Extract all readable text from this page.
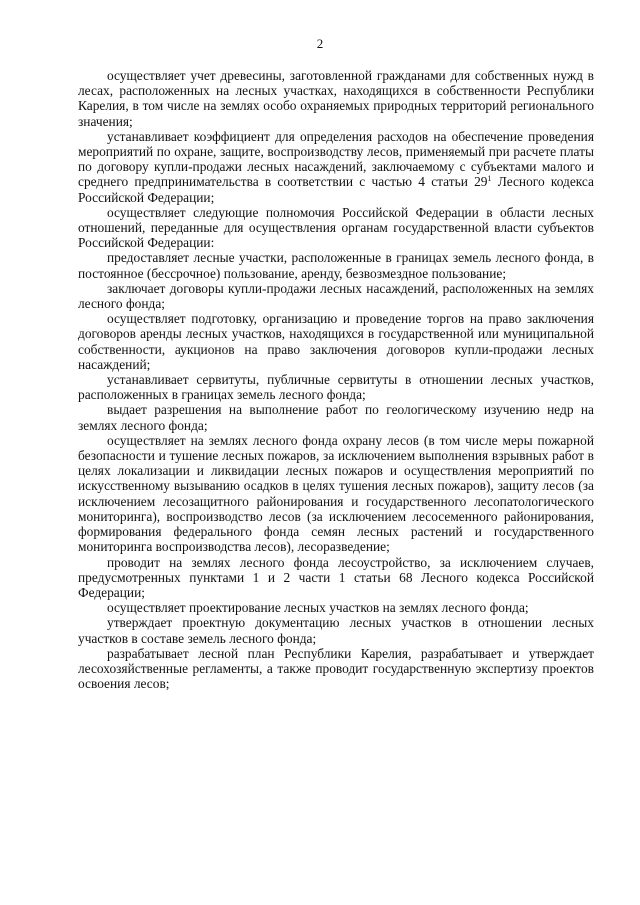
2

осуществляет учет древесины, заготовленной гражданами для собственных нужд в лесах, расположенных на лесных участках, находящихся в собственности Республики Карелия, в том числе на землях особо охраняемых природных территорий регионального значения;

устанавливает коэффициент для определения расходов на обеспечение проведения мероприятий по охране, защите, воспроизводству лесов, применяемый при расчете платы по договору купли-продажи лесных насаждений, заключаемому с субъектами малого и среднего предпринимательства в соответствии с частью 4 статьи $29^1$ Лесного кодекса Российской Федерации;

осуществляет следующие полномочия Российской Федерации в области лесных отношений, переданные для осуществления органам государственной власти субъектов Российской Федерации:

предоставляет лесные участки, расположенные в границах земель лесного фонда, в постоянное (бессрочное) пользование, аренду, безвозмездное пользование;

заключает договоры купли-продажи лесных насаждений, расположенных на землях лесного фонда;

осуществляет подготовку, организацию и проведение торгов на право заключения договоров аренды лесных участков, находящихся в государственной или муниципальной собственности, аукционов на право заключения договоров купли-продажи лесных насаждений;

устанавливает сервитуты, публичные сервитуты в отношении лесных участков, расположенных в границах земель лесного фонда;

выдает разрешения на выполнение работ по геологическому изучению недр на землях лесного фонда;

осуществляет на землях лесного фонда охрану лесов (в том числе меры пожарной безопасности и тушение лесных пожаров, за исключением выполнения взрывных работ в целях локализации и ликвидации лесных пожаров и осуществления мероприятий по искусственному вызыванию осадков в целях тушения лесных пожаров), защиту лесов (за исключением лесозащитного районирования и государственного лесопатологического мониторинга), воспроизводство лесов (за исключением лесосеменного районирования, формирования федерального фонда семян лесных растений и государственного мониторинга воспроизводства лесов), лесоразведение;

проводит на землях лесного фонда лесоустройство, за исключением случаев, предусмотренных пунктами 1 и 2 части 1 статьи 68 Лесного кодекса Российской Федерации;

осуществляет проектирование лесных участков на землях лесного фонда;

утверждает проектную документацию лесных участков в отношении лесных участков в составе земель лесного фонда;

разрабатывает лесной план Республики Карелия, разрабатывает и утверждает лесохозяйственные регламенты, а также проводит государственную экспертизу проектов освоения лесов;
